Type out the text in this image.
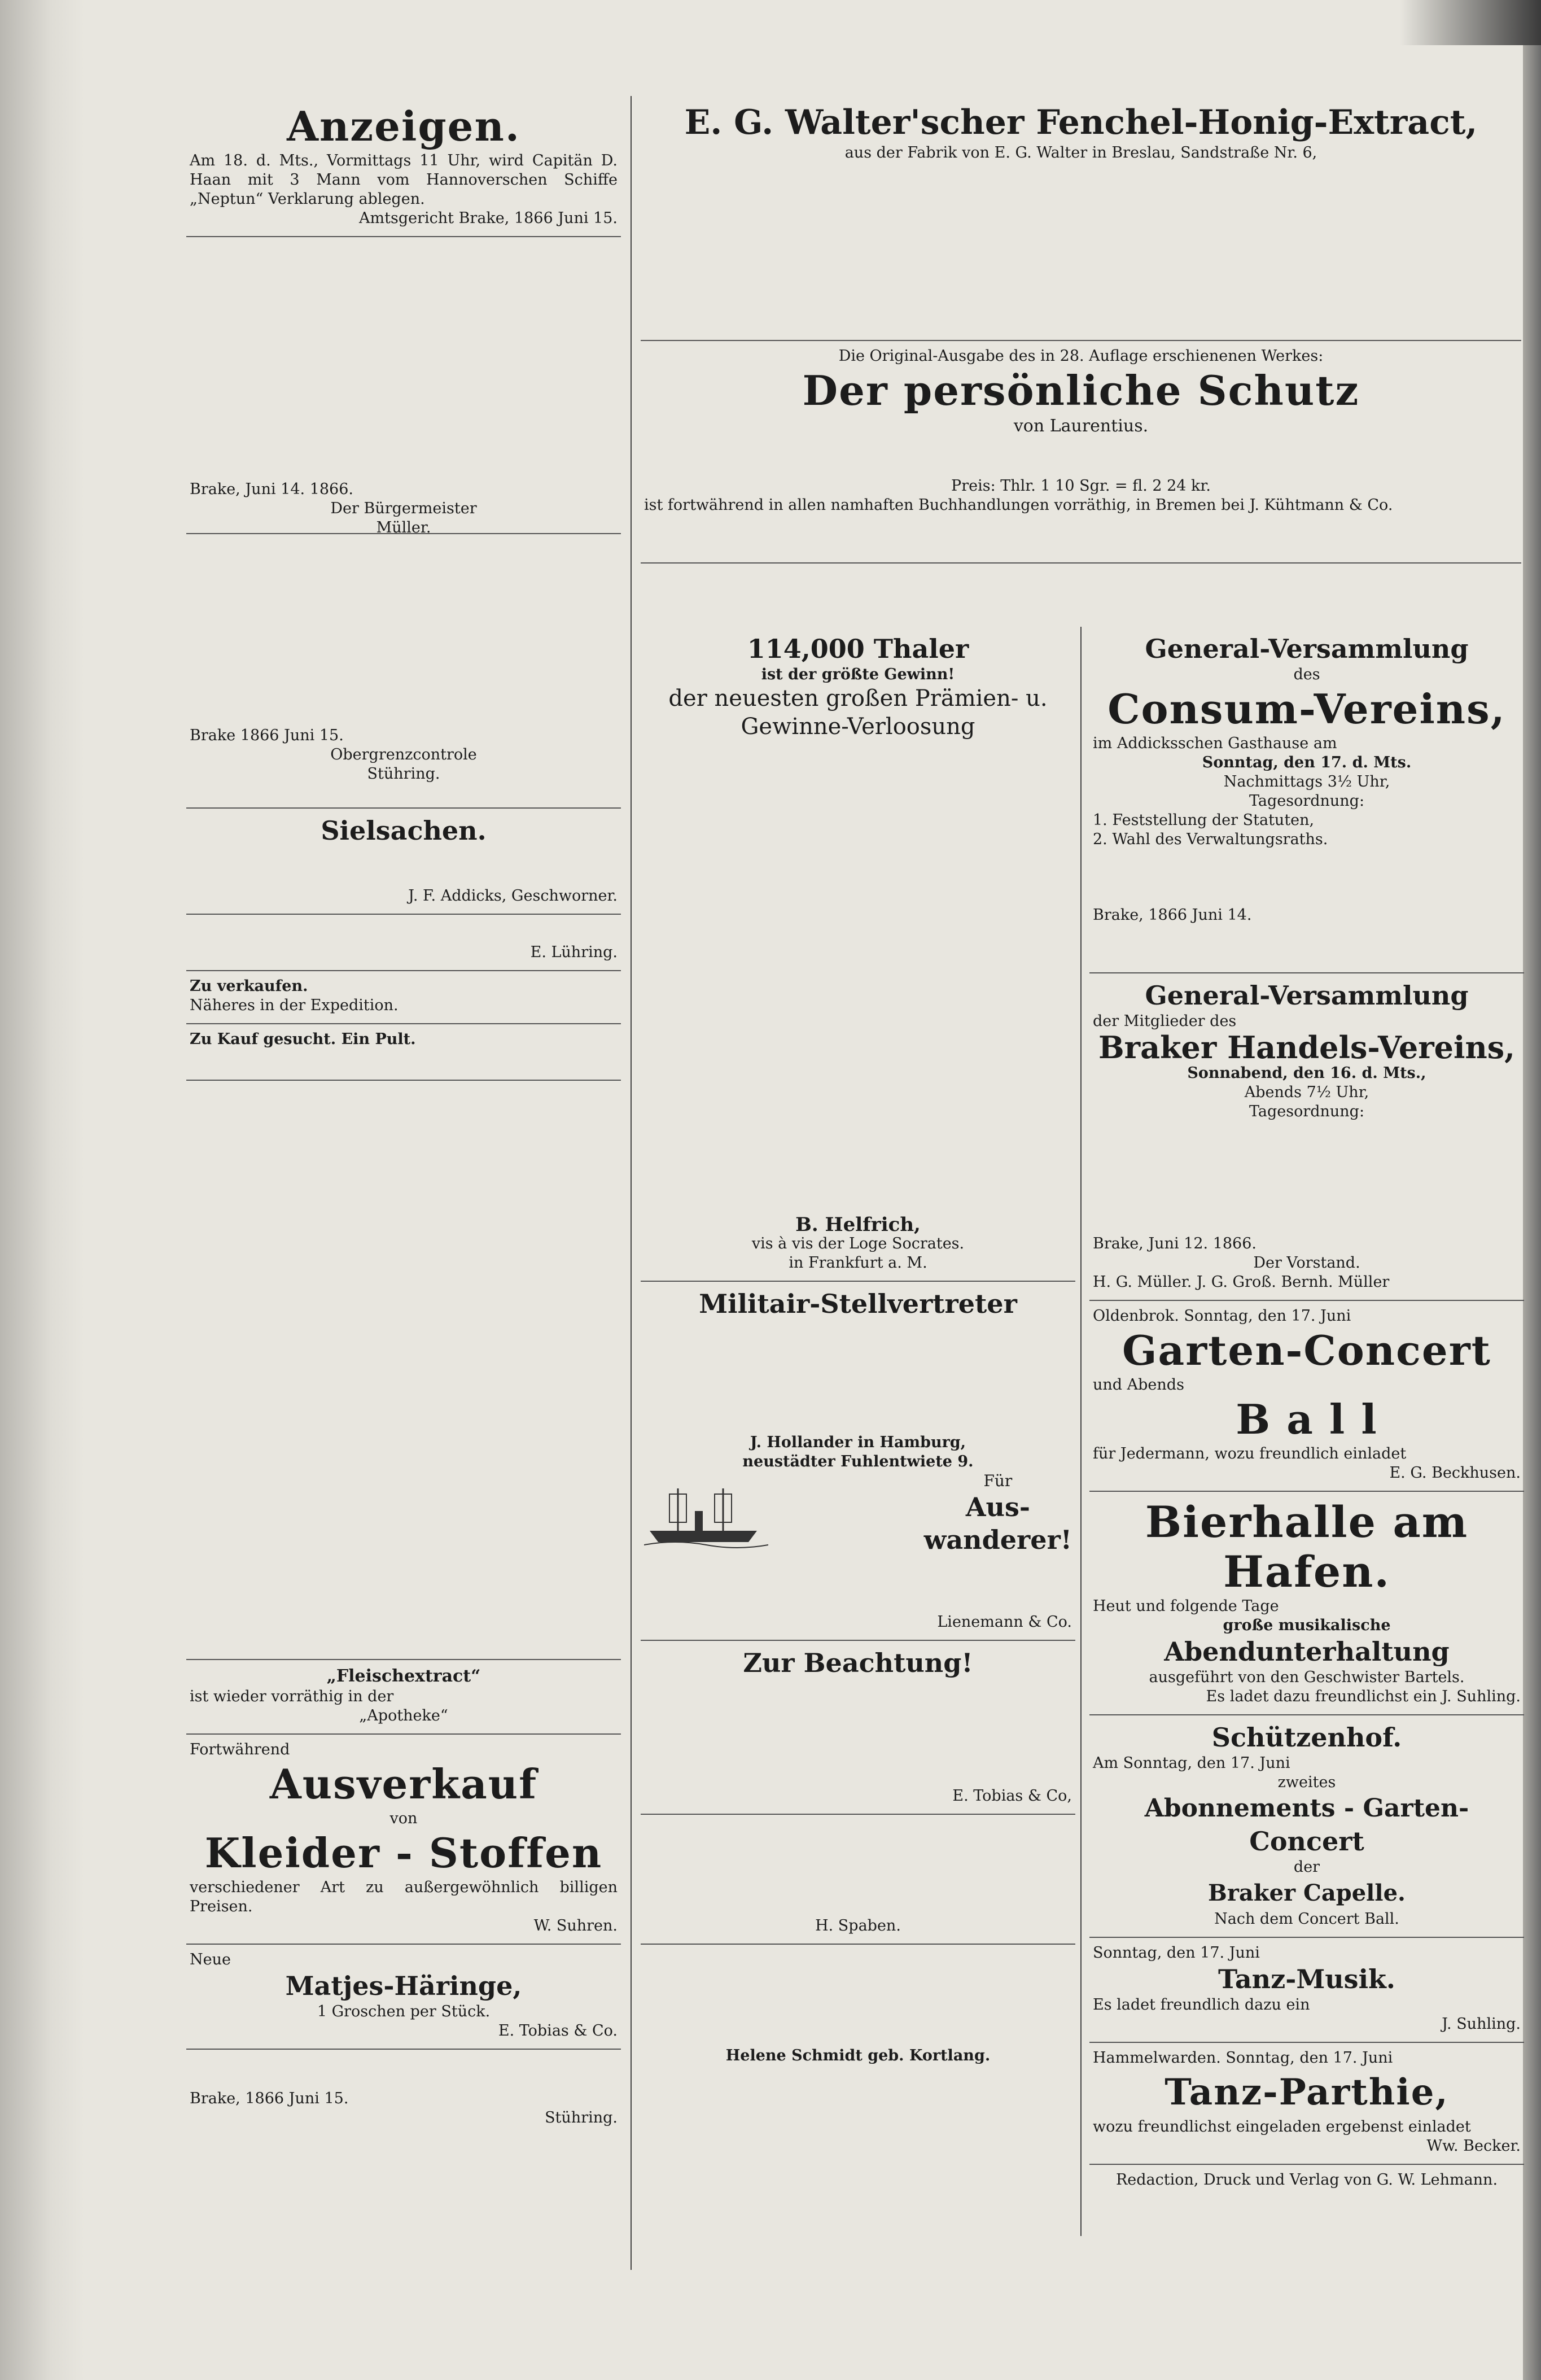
Anzeigen.

Am 18. d. Mts., Vormittags 11 Uhr, wird Capitän D. Haan mit 3 Mann vom Hannoverschen Schiffe „Neptun“ Verklarung ablegen.

Amtsgericht Brake, 1866 Juni 15.

Brake, Juni 14. 1866.

Der Bürgermeister

Müller.

Brake 1866 Juni 15.

Obergrenzcontrole

Stühring.

Sielsachen.

J. F. Addicks, Geschworner.

E. Lühring.

Zu verkaufen.

Näheres in der Expedition.

Zu Kauf gesucht. Ein Pult.

„Fleischextract“

ist wieder vorräthig in der

„Apotheke“

Fortwährend

Ausverkauf

von

Kleider - Stoffen

verschiedener Art zu außergewöhnlich billigen Preisen.

W. Suhren.

Neue

Matjes-Häringe,

1 Groschen per Stück.

E. Tobias & Co.

Brake, 1866 Juni 15.

Stühring.

E. G. Walter'scher Fenchel-Honig-Extract,

aus der Fabrik von E. G. Walter in Breslau, Sandstraße Nr. 6,

Die Original-Ausgabe des in 28. Auflage erschienenen Werkes:

Der persönliche Schutz
von Laurentius.

Preis: Thlr. 1 10 Sgr. = fl. 2 24 kr.

ist fortwährend in allen namhaften Buchhandlungen vorräthig, in Bremen bei J. Kühtmann & Co.

114,000 Thaler

ist der größte Gewinn!

der neuesten großen Prämien- u.
Gewinne-Verloosung

B. Helfrich,

vis à vis der Loge Socrates.

in Frankfurt a. M.

Militair-Stellvertreter

J. Hollander in Hamburg,

neustädter Fuhlentwiete 9.

Für
Aus-
wanderer!

Lienemann & Co.

Zur Beachtung!

E. Tobias & Co,

H. Spaben.

Helene Schmidt geb. Kortlang.

General-Versammlung

des

Consum-Vereins,

im Addicksschen Gasthause am

Sonntag, den 17. d. Mts.

Nachmittags 3½ Uhr,

Tagesordnung:

1. Feststellung der Statuten,

2. Wahl des Verwaltungsraths.

Brake, 1866 Juni 14.

General-Versammlung

der Mitglieder des

Braker Handels-Vereins,

Sonnabend, den 16. d. Mts.,

Abends 7½ Uhr,

Tagesordnung:

Brake, Juni 12. 1866.

Der Vorstand.

H. G. Müller. J. G. Groß. Bernh. Müller

Oldenbrok. Sonntag, den 17. Juni

Garten-Concert

und Abends

B a l l

für Jedermann, wozu freundlich einladet

E. G. Beckhusen.

Bierhalle am Hafen.

Heut und folgende Tage

große musikalische

Abendunterhaltung

ausgeführt von den Geschwister Bartels.

Es ladet dazu freundlichst ein J. Suhling.

Schützenhof.

Am Sonntag, den 17. Juni

zweites

Abonnements - Garten-
Concert

der

Braker Capelle.

Nach dem Concert Ball.

Sonntag, den 17. Juni

Tanz-Musik.

Es ladet freundlich dazu ein

J. Suhling.

Hammelwarden. Sonntag, den 17. Juni

Tanz-Parthie,

wozu freundlichst eingeladen ergebenst einladet

Ww. Becker.

Redaction, Druck und Verlag von G. W. Lehmann.
